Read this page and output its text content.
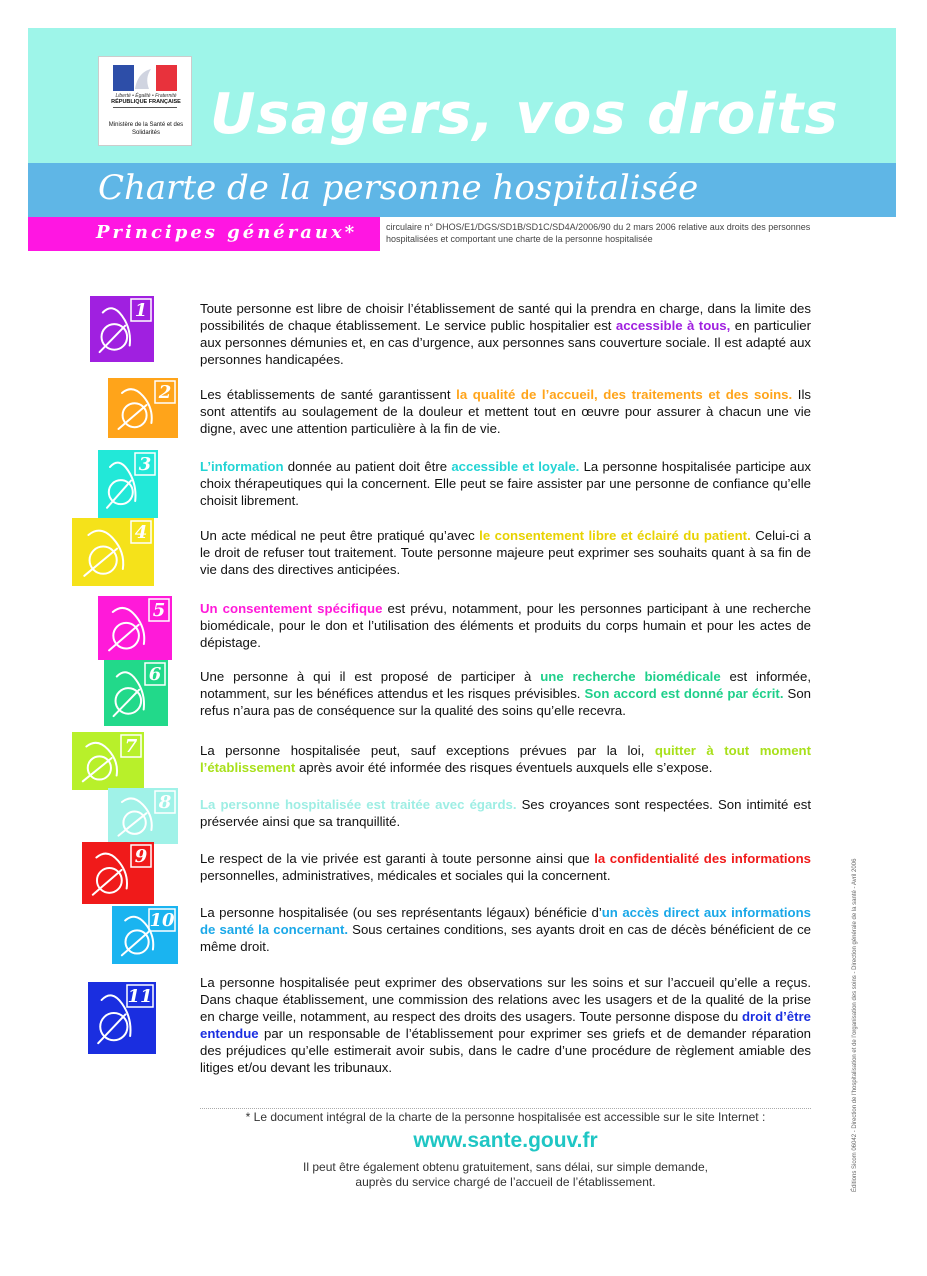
Liberté • Égalité • Fraternité
RÉPUBLIQUE FRANÇAISE
Ministère de la Santé et des Solidarités Usagers, vos droits
Charte de la personne hospitalisée
Principes généraux*	circulaire n° DHOS/E1/DGS/SD1B/SD1C/SD4A/2006/90 du 2 mars 2006 relative aux droits des personnes hospitalisées et comportant une charte de la personne hospitalisée
1	Toute personne est libre de choisir l’établissement de santé qui la prendra en charge, dans la limite des possibilités de chaque établissement. Le service public hospitalier est accessible à tous, en particulier aux personnes démunies et, en cas d’urgence, aux personnes sans couverture sociale. Il est adapté aux personnes handicapées.
2 Les établissements de santé garantissent la qualité de l’accueil, des traitements et des soins. Ils sont attentifs au soulagement de la douleur et mettent tout en œuvre pour assurer à chacun une vie digne, avec une attention particulière à la fin de vie.
3	L’information donnée au patient doit être accessible et loyale. La personne hospitalisée participe aux choix thérapeutiques qui la concernent. Elle peut se faire assister par une personne de confiance qu’elle choisit librement.
4	Un acte médical ne peut être pratiqué qu’avec le consentement libre et éclairé du patient. Celui-ci a le droit de refuser tout traitement. Toute personne majeure peut exprimer ses souhaits quant à sa fin de vie dans des directives anticipées.
5	Un consentement spécifique est prévu, notamment, pour les personnes participant à une recherche biomédicale, pour le don et l’utilisation des éléments et produits du corps humain et pour les actes de dépistage.
6	Une personne à qui il est proposé de participer à une recherche biomédicale est informée, notamment, sur les bénéfices attendus et les risques prévisibles. Son accord est donné par écrit. Son refus n’aura pas de conséquence sur la qualité des soins qu’elle recevra.
7	La personne hospitalisée peut, sauf exceptions prévues par la loi, quitter à tout moment l’établissement après avoir été informée des risques éventuels auxquels elle s’expose.
8 La personne hospitalisée est traitée avec égards. Ses croyances sont respectées. Son intimité est préservée ainsi que sa tranquillité.
9	Le respect de la vie privée est garanti à toute personne ainsi que la confidentialité des informations personnelles, administratives, médicales et sociales qui la concernent.
10 La personne hospitalisée (ou ses représentants légaux) bénéficie d’un accès direct aux informations de santé la concernant. Sous certaines conditions, ses ayants droit en cas de décès bénéficient de ce même droit.
11
La personne hospitalisée peut exprimer des observations sur les soins et sur l’accueil qu’elle a reçus. Dans chaque établissement, une commission des relations avec les usagers et de la qualité de la prise en charge veille, notamment, au respect des droits des usagers. Toute personne dispose du droit d’être entendue par un responsable de l’établissement pour exprimer ses griefs et de demander réparation des préjudices qu’elle estimerait avoir subis, dans le cadre d’une procédure de règlement amiable des litiges et/ou devant les tribunaux.
* Le document intégral de la charte de la personne hospitalisée est accessible sur le site Internet :
www.sante.gouv.fr
Il peut être également obtenu gratuitement, sans délai, sur simple demande,
auprès du service chargé de l’accueil de l’établissement.	Éditions Sicom 06042 - Direction de l’hospitalisation et de l’organisation des soins - Direction générale de la santé - Avril 2006
